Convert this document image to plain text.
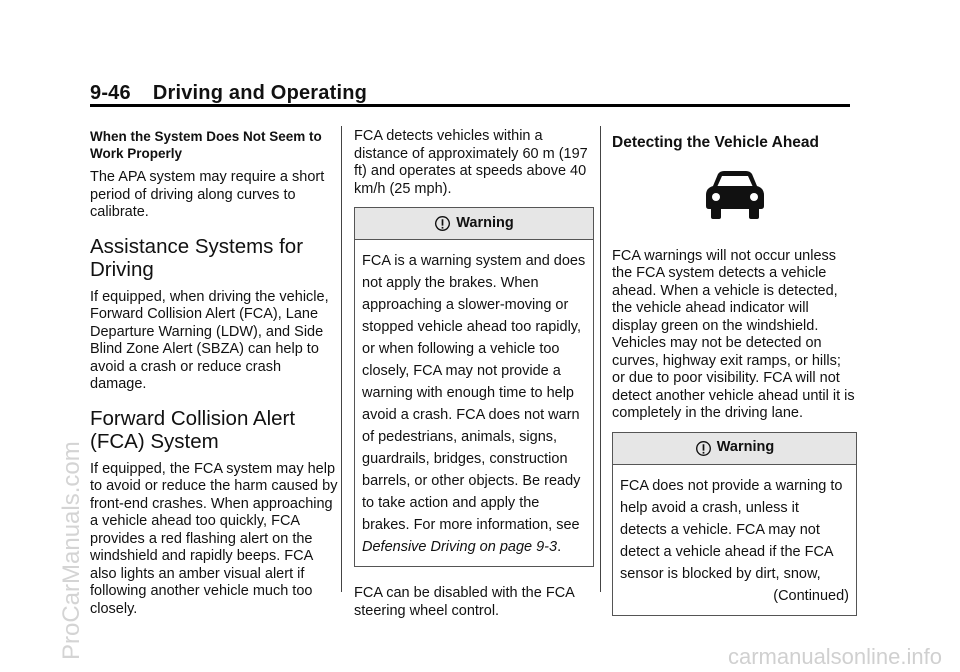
9-46 Driving and Operating
When the System Does Not Seem to Work Properly

The APA system may require a short period of driving along curves to calibrate.

Assistance Systems for Driving

If equipped, when driving the vehicle, Forward Collision Alert (FCA), Lane Departure Warning (LDW), and Side Blind Zone Alert (SBZA) can help to avoid a crash or reduce crash damage.

Forward Collision Alert (FCA) System

If equipped, the FCA system may help to avoid or reduce the harm caused by front-end crashes. When approaching a vehicle ahead too quickly, FCA provides a red flashing alert on the windshield and rapidly beeps. FCA also lights an amber visual alert if following another vehicle much too closely.

FCA detects vehicles within a distance of approximately 60 m (197 ft) and operates at speeds above 40 km/h (25 mph).

Warning

FCA is a warning system and does not apply the brakes. When approaching a slower-moving or stopped vehicle ahead too rapidly, or when following a vehicle too closely, FCA may not provide a warning with enough time to help avoid a crash. FCA does not warn of pedestrians, animals, signs, guardrails, bridges, construction barrels, or other objects. Be ready to take action and apply the brakes. For more information, see Defensive Driving on page 9-3.

FCA can be disabled with the FCA steering wheel control.

Detecting the Vehicle Ahead

FCA warnings will not occur unless the FCA system detects a vehicle ahead. When a vehicle is detected, the vehicle ahead indicator will display green on the windshield. Vehicles may not be detected on curves, highway exit ramps, or hills; or due to poor visibility. FCA will not detect another vehicle ahead until it is completely in the driving lane.

Warning

FCA does not provide a warning to help avoid a crash, unless it detects a vehicle. FCA may not detect a vehicle ahead if the FCA sensor is blocked by dirt, snow,

(Continued)

ProCarManuals.com	carmanualsonline.info
